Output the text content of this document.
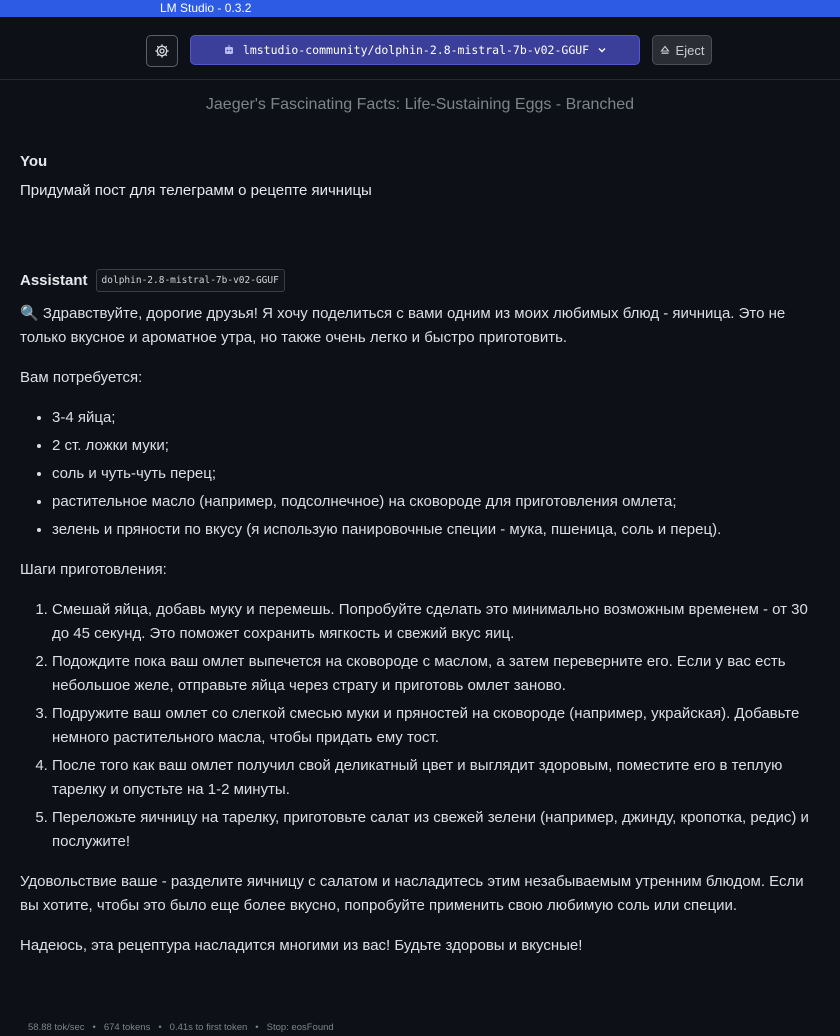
LM Studio - 0.3.2
lmstudio-community/dolphin-2.8-mistral-7b-v02-GGUF	Eject
Jaeger's Fascinating Facts: Life-Sustaining Eggs - Branched
You
Придумай пост для телеграмм о рецепте яичницы
Assistant	dolphin-2.8-mistral-7b-v02-GGUF

🔍 Здравствуйте, дорогие друзья! Я хочу поделиться с вами одним из моих любимых блюд - яичница. Это не только вкусное и ароматное утра, но также очень легко и быстро приготовить.

Вам потребуется:

• 3-4 яйца;
• 2 ст. ложки муки;
• соль и чуть-чуть перец;
• растительное масло (например, подсолнечное) на сковороде для приготовления омлета;
• зелень и пряности по вкусу (я использую панировочные специи - мука, пшеница, соль и перец).

Шаги приготовления:

1. Смешай яйца, добавь муку и перемешь. Попробуйте сделать это минимально возможным временем - от 30 до 45 секунд. Это поможет сохранить мягкость и свежий вкус яиц.
2. Подождите пока ваш омлет выпечется на сковороде с маслом, а затем переверните его. Если у вас есть небольшое желе, отправьте яйца через страту и приготовь омлет заново.
3. Подружите ваш омлет со слегкой смесью муки и пряностей на сковороде (например, украйская). Добавьте немного растительного масла, чтобы придать ему тост.
4. После того как ваш омлет получил свой деликатный цвет и выглядит здоровым, поместите его в теплую тарелку и опустьте на 1-2 минуты.
5. Переложьте яичницу на тарелку, приготовьте салат из свежей зелени (например, джинду, кропотка, редис) и послужите!

Удовольствие ваше - разделите яичницу с салатом и насладитесь этим незабываемым утренним блюдом. Если вы хотите, чтобы это было еще более вкусно, попробуйте применить свою любимую соль или специи.

Надеюсь, эта рецептура насладится многими из вас! Будьте здоровы и вкусные!

58.88 tok/sec • 674 tokens • 0.41s to first token • Stop: eosFound
